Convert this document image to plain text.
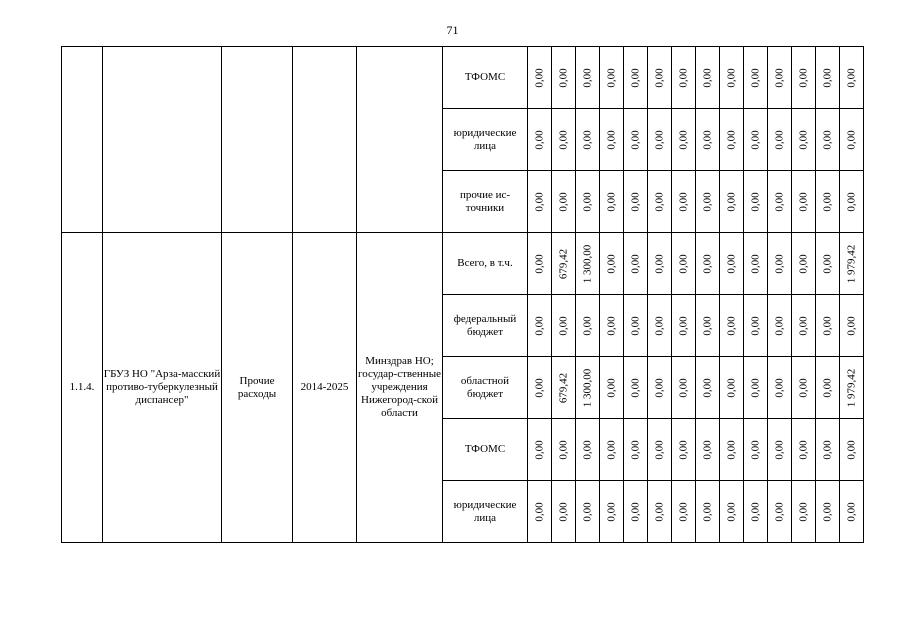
71
					ТФОМС	0,00	0,00	0,00	0,00	0,00	0,00	0,00	0,00	0,00	0,00	0,00	0,00	0,00	0,00

					юридические лица	0,00	0,00	0,00	0,00	0,00	0,00	0,00	0,00	0,00	0,00	0,00	0,00	0,00	0,00

					прочие ис-точники	0,00	0,00	0,00	0,00	0,00	0,00	0,00	0,00	0,00	0,00	0,00	0,00	0,00	0,00

1.1.4.	ГБУЗ НО "Арза-масский противо-туберкулезный диспансер"	Прочие расходы	2014-2025	Минздрав НО; государ-ственные учреждения Нижегород-ской области	Всего, в т.ч.	0,00	679,42	1 300,00	0,00	0,00	0,00	0,00	0,00	0,00	0,00	0,00	0,00	0,00	1 979,42

					федеральный бюджет	0,00	0,00	0,00	0,00	0,00	0,00	0,00	0,00	0,00	0,00	0,00	0,00	0,00	0,00

					областной бюджет	0,00	679,42	1 300,00	0,00	0,00	0,00	0,00	0,00	0,00	0,00	0,00	0,00	0,00	1 979,42

					ТФОМС	0,00	0,00	0,00	0,00	0,00	0,00	0,00	0,00	0,00	0,00	0,00	0,00	0,00	0,00

					юридические лица	0,00	0,00	0,00	0,00	0,00	0,00	0,00	0,00	0,00	0,00	0,00	0,00	0,00	0,00
